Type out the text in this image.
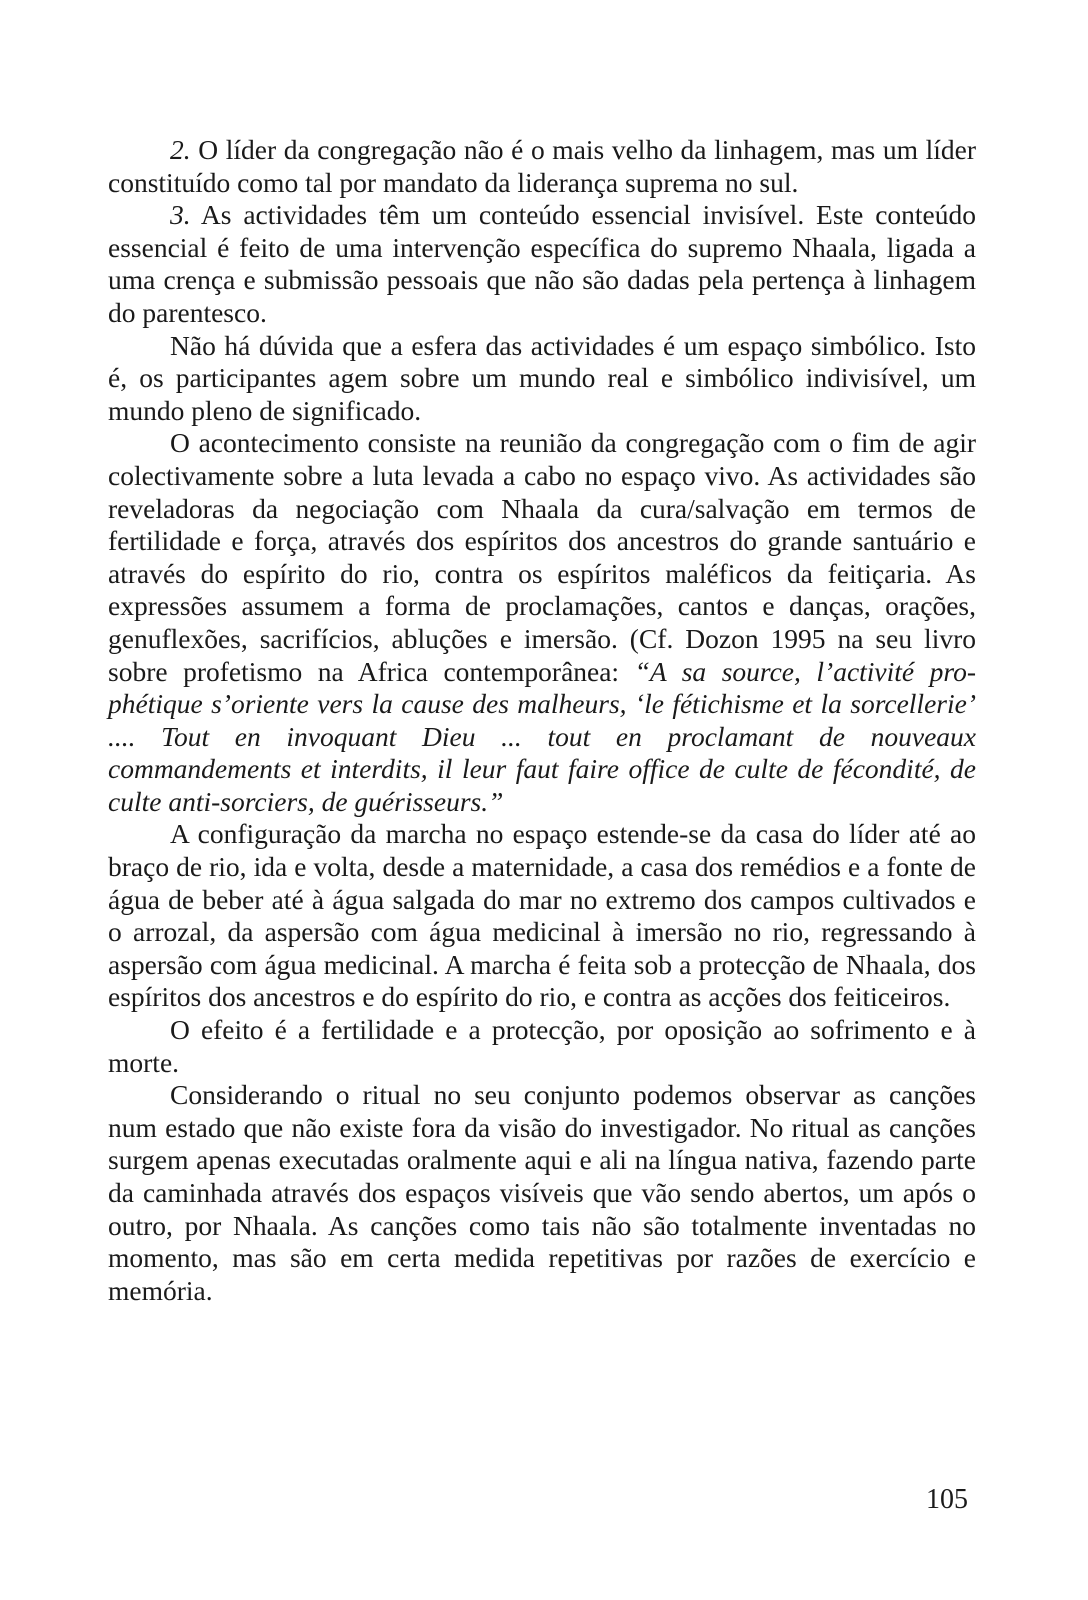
2. O líder da congregação não é o mais velho da linhagem, mas um líder constituído como tal por mandato da liderança suprema no sul.

3. As actividades têm um conteúdo essencial invisível. Este conteúdo essencial é feito de uma intervenção específica do supremo Nhaala, ligada a uma crença e submissão pessoais que não são dadas pela pertença à linhagem do parentesco.

Não há dúvida que a esfera das actividades é um espaço simbólico. Isto é, os participantes agem sobre um mundo real e simbólico indivisível, um mundo pleno de significado.

O acontecimento consiste na reunião da congregação com o fim de agir colectivamente sobre a luta levada a cabo no espaço vivo. As actividades são reveladoras da negociação com Nhaala da cura/salvação em termos de fertilidade e força, através dos espíritos dos ancestros do grande santuário e através do espírito do rio, contra os espíritos maléficos da feitiçaria. As expressões assumem a forma de proclamações, cantos e danças, orações, genuflexões, sacrifícios, abluções e imersão. (Cf. Dozon 1995 na seu livro sobre profetismo na Africa contemporânea: “A sa source, l’activité prophétique s’oriente vers la cause des malheurs, ‘le fétichisme et la sorcellerie’ .... Tout en invoquant Dieu ... tout en proclamant de nouveaux commandements et interdits, il leur faut faire office de culte de fécondité, de culte anti-sorciers, de guérisseurs.”

A configuração da marcha no espaço estende-se da casa do líder até ao braço de rio, ida e volta, desde a maternidade, a casa dos remédios e a fonte de água de beber até à água salgada do mar no extremo dos campos cultivados e o arrozal, da aspersão com água medicinal à imersão no rio, regressando à aspersão com água medicinal. A marcha é feita sob a protecção de Nhaala, dos espíritos dos ancestros e do espírito do rio, e contra as acções dos feiticeiros.

O efeito é a fertilidade e a protecção, por oposição ao sofrimento e à morte.

Considerando o ritual no seu conjunto podemos observar as canções num estado que não existe fora da visão do investigador. No ritual as canções surgem apenas executadas oralmente aqui e ali na língua nativa, fazendo parte da caminhada através dos espaços visíveis que vão sendo abertos, um após o outro, por Nhaala. As canções como tais não são totalmente inventadas no momento, mas são em certa medida repetitivas por razões de exercício e memória.

105
